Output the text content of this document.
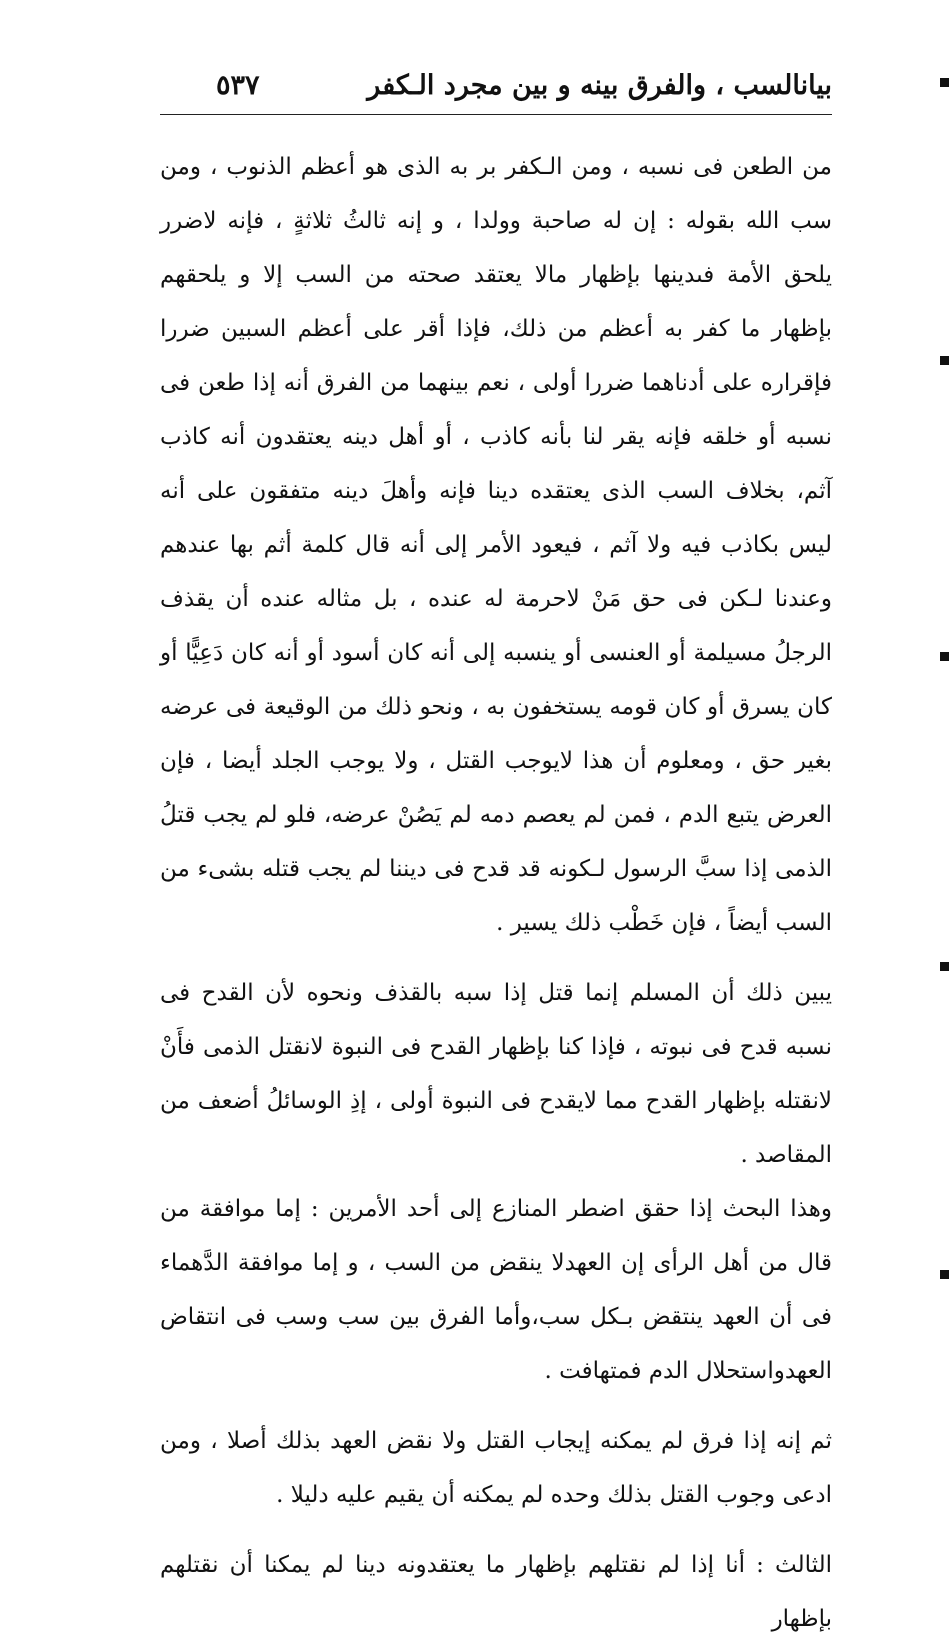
بيانالسب ، والفرق بينه و بين مجرد الـكفر
٥٣٧

من الطعن فى نسبه ، ومن الـكفر بر به الذى هو أعظم الذنوب ، ومن سب الله بقوله : إن له صاحبة وولدا ، و إنه ثالثُ ثلاثةٍ ، فإنه لاضرر يلحق الأمة فىدينها بإظهار مالا يعتقد صحته من السب إلا و يلحقهم بإظهار ما كفر به أعظم من ذلك، فإذا أقر على أعظم السبين ضررا فإقراره على أدناهما ضررا أولى ، نعم بينهما من الفرق أنه إذا طعن فى نسبه أو خلقه فإنه يقر لنا بأنه كاذب ، أو أهل دينه يعتقدون أنه كاذب آثم، بخلاف السب الذى يعتقده دينا فإنه وأهلَ دينه متفقون على أنه ليس بكاذب فيه ولا آثم ، فيعود الأمر إلى أنه قال كلمة أثم بها عندهم وعندنا لـكن فى حق مَنْ لاحرمة له عنده ، بل مثاله عنده أن يقذف الرجلُ مسيلمة أو العنسى أو ينسبه إلى أنه كان أسود أو أنه كان دَعِيًّا أو كان يسرق أو كان قومه يستخفون به ، ونحو ذلك من الوقيعة فى عرضه بغير حق ، ومعلوم أن هذا لايوجب القتل ، ولا يوجب الجلد أيضا ، فإن العرض يتبع الدم ، فمن لم يعصم دمه لم يَصُنْ عرضه، فلو لم يجب قتلُ الذمى إذا سبَّ الرسول لـكونه قد قدح فى ديننا لم يجب قتله بشىء من السب أيضاً ، فإن خَطْب ذلك يسير .

يبين ذلك أن المسلم إنما قتل إذا سبه بالقذف ونحوه لأن القدح فى نسبه قدح فى نبوته ، فإذا كنا بإظهار القدح فى النبوة لانقتل الذمى فأَنْ لانقتله بإظهار القدح مما لايقدح فى النبوة أولى ، إذِ الوسائلُ أضعف من المقاصد .

وهذا البحث إذا حقق اضطر المنازع إلى أحد الأمرين : إما موافقة من قال من أهل الرأى إن العهدلا ينقض من السب ، و إما موافقة الدَّهماء فى أن العهد ينتقض بـكل سب،وأما الفرق بين سب وسب فى انتقاض العهدواستحلال الدم فمتهافت .

ثم إنه إذا فرق لم يمكنه إيجاب القتل ولا نقض العهد بذلك أصلا ، ومن ادعى وجوب القتل بذلك وحده لم يمكنه أن يقيم عليه دليلا .

الثالث : أنا إذا لم نقتلهم بإظهار ما يعتقدونه دينا لم يمكنا أن نقتلهم بإظهار
